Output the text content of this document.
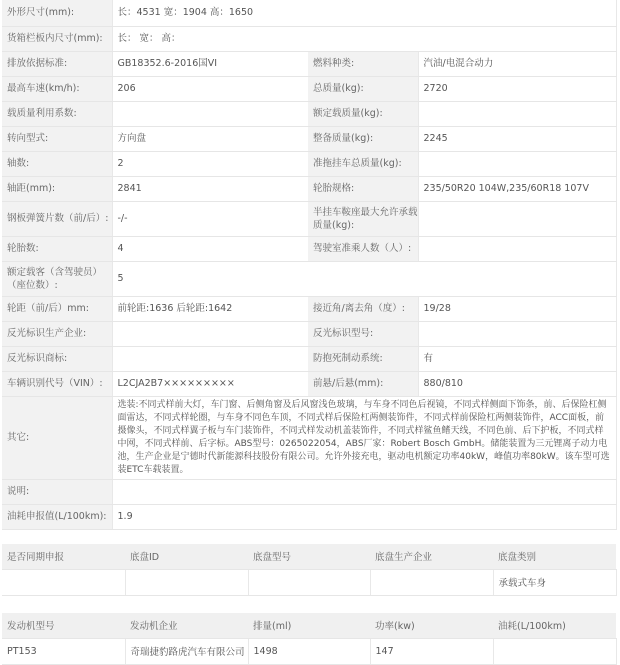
外形尺寸(mm):	长：4531 宽：1904 高：1650		
货箱栏板内尺寸(mm):	长： 宽： 高：		
排放依据标准:	GB18352.6-2016国VI	燃料种类:	汽油/电混合动力
最高车速(km/h):	206	总质量(kg):	2720
载质量利用系数:		额定载质量(kg):	
转向型式:	方向盘	整备质量(kg):	2245
轴数:	2	准拖挂车总质量(kg):	
轴距(mm):	2841	轮胎规格:	235/50R20 104W,235/60R18 107V
钢板弹簧片数（前/后）:	-/-	半挂车鞍座最大允许承载质量(kg):	
轮胎数:	4	驾驶室准乘人数（人）:	
额定载客（含驾驶员）（座位数）:	5		
轮距（前/后）mm:	前轮距:1636 后轮距:1642	接近角/离去角（度）:	19/28
反光标识生产企业:		反光标识型号:	
反光标识商标:		防抱死制动系统:	有
车辆识别代号（VIN）:	L2CJA2B7×××××××××	前悬/后悬(mm):	880/810
其它:	选装:不同式样前大灯，车门窗、后侧角窗及后风窗浅色玻璃，与车身不同色后视镜，不同式样侧面下饰条，前、后保险杠侧面雷达，不同式样轮圈，与车身不同色车顶，不同式样后保险杠两侧装饰件，不同式样前保险杠两侧装饰件，ACC面板，前摄像头，不同式样翼子板与车门装饰件，不同式样发动机盖装饰件，不同式样鲨鱼鳍天线，不同色前、后下护板，不同式样中网，不同式样前、后字标。ABS型号：0265022054，ABS厂家：Robert Bosch GmbH。储能装置为三元锂离子动力电池，生产企业是宁德时代新能源科技股份有限公司。允许外接充电，驱动电机额定功率40kW，峰值功率80kW。该车型可选装ETC车载装置。		
说明:			
油耗申报值(L/100km):	1.9		
是否同期申报	底盘ID	底盘型号	底盘生产企业	底盘类别
				承载式车身
发动机型号	发动机企业	排量(ml)	功率(kw)	油耗(L/100km)
PT153	奇瑞捷豹路虎汽车有限公司	1498	147	
